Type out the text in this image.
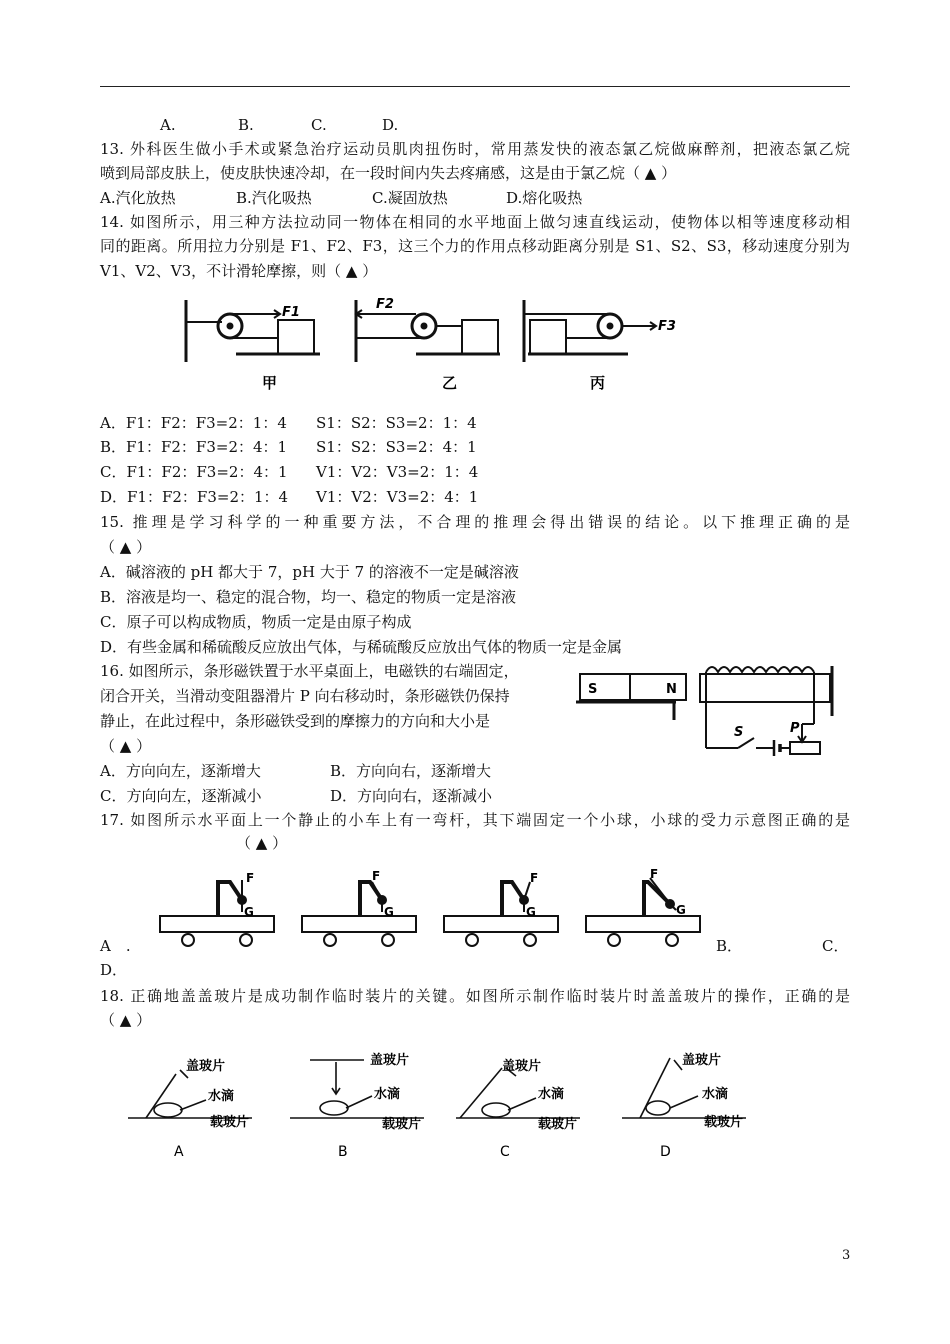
A.	B.	C.	D.
13. 外科医生做小手术或紧急治疗运动员肌肉扭伤时，常用蒸发快的液态氯乙烷做麻醉剂，把液态氯乙烷
喷到局部皮肤上，使皮肤快速冷却，在一段时间内失去疼痛感，这是由于氯乙烷（ ▲ ）
A.汽化放热	B.汽化吸热	C.凝固放热	D.熔化吸热
14. 如图所示，用三种方法拉动同一物体在相同的水平地面上做匀速直线运动，使物体以相等速度移动相
同的距离。所用拉力分别是 F1、F2、F3，这三个力的作用点移动距离分别是 S1、S2、S3，移动速度分别为
V1、V2、V3，不计滑轮摩擦，则（ ▲ ）
F1
F2
F3
甲	乙	丙
A．F1：F2：F3=2：1：4 S1：S2：S3=2：1：4
B．F1：F2：F3=2：4：1 S1：S2：S3=2：4：1
C．F1：F2：F3=2：4：1 V1：V2：V3=2：1：4
D．F1：F2：F3=2：1：4 V1：V2：V3=2：4：1
15. 推理是学习科学的一种重要方法，不合理的推理会得出错误的结论。以下推理正确的是
（ ▲ ）
A．碱溶液的 pH 都大于 7，pH 大于 7 的溶液不一定是碱溶液
B．溶液是均一、稳定的混合物，均一、稳定的物质一定是溶液
C．原子可以构成物质，物质一定是由原子构成
D．有些金属和稀硫酸反应放出气体，与稀硫酸反应放出气体的物质一定是金属
16. 如图所示，条形磁铁置于水平桌面上，电磁铁的右端固定，
闭合开关，当滑动变阻器滑片 P 向右移动时，条形磁铁仍保持
静止，在此过程中，条形磁铁受到的摩擦力的方向和大小是
（ ▲ ）
S	N
S	P
A．方向向左，逐渐增大	B．方向向右，逐渐增大
C．方向向左，逐渐减小	D．方向向右，逐渐减小
17. 如图所示水平面上一个静止的小车上有一弯杆，其下端固定一个小球，小球的受力示意图正确的是
（ ▲ ）
F
G
F
G
F
G
F
G
A　.	B．	C．
D．
18. 正确地盖盖玻片是成功制作临时装片的关键。如图所示制作临时装片时盖盖玻片的操作，正确的是
（ ▲ ）
盖玻片
水滴
载玻片
盖玻片
水滴
载玻片
盖玻片
水滴
载玻片
盖玻片
水滴
载玻片
A	B	C	D
3
